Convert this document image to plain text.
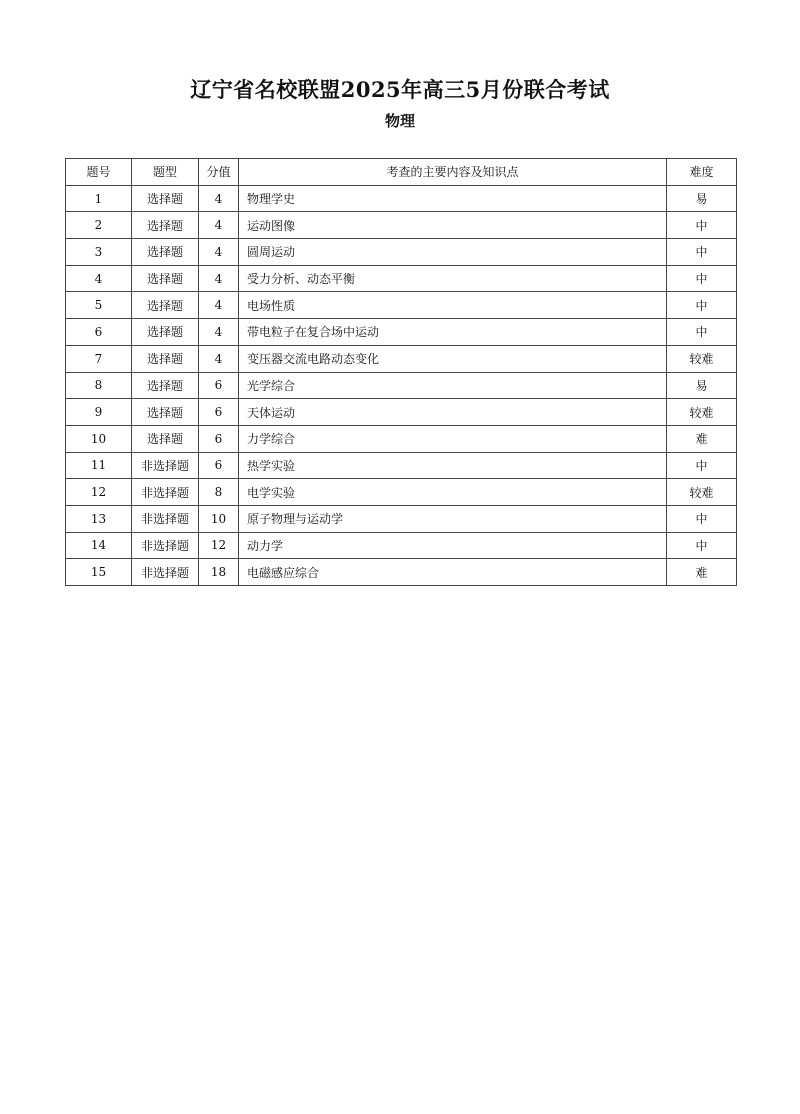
辽宁省名校联盟2025年高三5月份联合考试
物理
题号	题型	分值	考查的主要内容及知识点	难度
1	选择题	4	物理学史	易
2	选择题	4	运动图像	中
3	选择题	4	圆周运动	中
4	选择题	4	受力分析、动态平衡	中
5	选择题	4	电场性质	中
6	选择题	4	带电粒子在复合场中运动	中
7	选择题	4	变压器交流电路动态变化	较难
8	选择题	6	光学综合	易
9	选择题	6	天体运动	较难
10	选择题	6	力学综合	难
11	非选择题	6	热学实验	中
12	非选择题	8	电学实验	较难
13	非选择题	10	原子物理与运动学	中
14	非选择题	12	动力学	中
15	非选择题	18	电磁感应综合	难
